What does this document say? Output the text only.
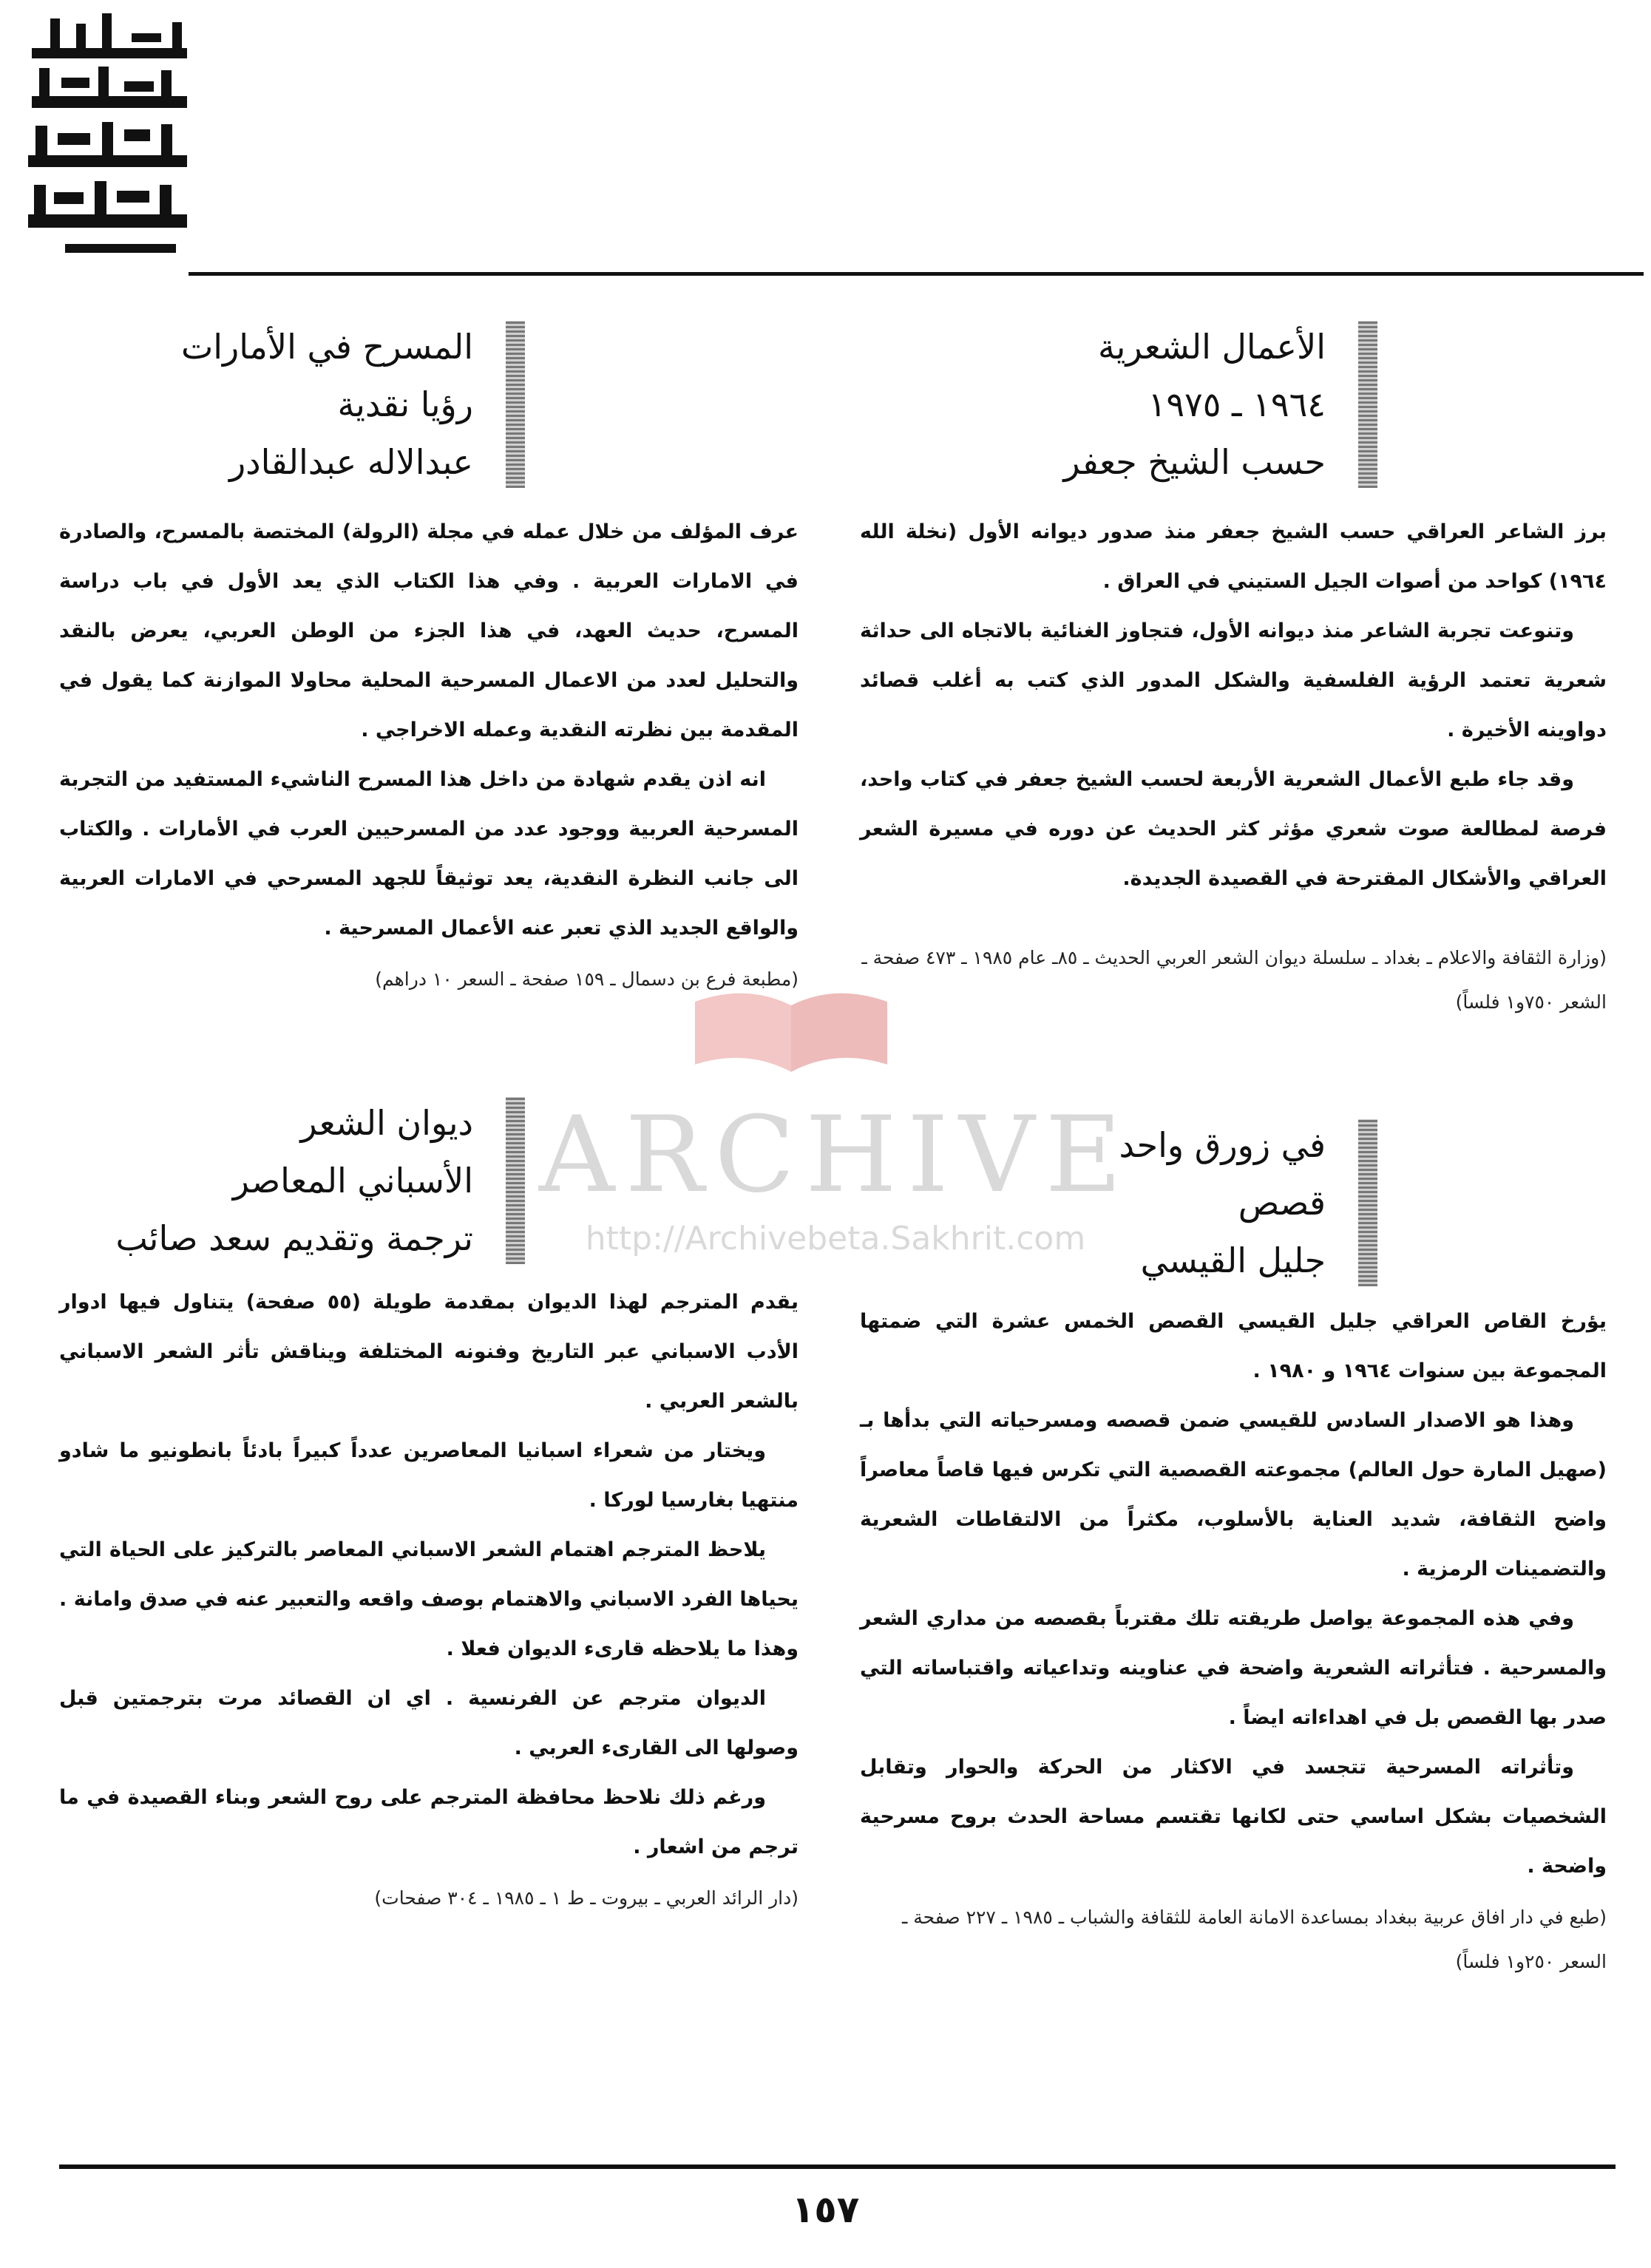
ARCHIVE
http://Archivebeta.Sakhrit.com
الأعمال الشعرية
١٩٦٤ ـ ١٩٧٥
حسب الشيخ جعفر

برز الشاعر العراقي حسب الشيخ جعفر منذ صدور ديوانه الأول (نخلة الله ١٩٦٤) كواحد من أصوات الجيل الستيني في العراق .

وتنوعت تجربة الشاعر منذ ديوانه الأول، فتجاوز الغنائية بالاتجاه الى حداثة شعرية تعتمد الرؤية الفلسفية والشكل المدور الذي كتب به أغلب قصائد دواوينه الأخيرة .

وقد جاء طبع الأعمال الشعرية الأربعة لحسب الشيخ جعفر في كتاب واحد، فرصة لمطالعة صوت شعري مؤثر كثر الحديث عن دوره في مسيرة الشعر العراقي والأشكال المقترحة في القصيدة الجديدة.

(وزارة الثقافة والاعلام ـ بغداد ـ سلسلة ديوان الشعر العربي الحديث ـ ٨٥ـ عام ١٩٨٥ ـ ٤٧٣ صفحة ـ الشعر ٧٥٠و١ فلساً)
المسرح في الأمارات
رؤيا نقدية
عبدالاله عبدالقادر

عرف المؤلف من خلال عمله في مجلة (الرولة) المختصة بالمسرح، والصادرة في الامارات العربية . وفي هذا الكتاب الذي يعد الأول في باب دراسة المسرح، حديث العهد، في هذا الجزء من الوطن العربي، يعرض بالنقد والتحليل لعدد من الاعمال المسرحية المحلية محاولا الموازنة كما يقول في المقدمة بين نظرته النقدية وعمله الاخراجي .

انه اذن يقدم شهادة من داخل هذا المسرح الناشيء المستفيد من التجربة المسرحية العربية ووجود عدد من المسرحيين العرب في الأمارات . والكتاب الى جانب النظرة النقدية، يعد توثيقاً للجهد المسرحي في الامارات العربية والواقع الجديد الذي تعبر عنه الأعمال المسرحية .

(مطبعة فرع بن دسمال ـ ١٥٩ صفحة ـ السعر ١٠ دراهم)
في زورق واحد
قصص
جليل القيسي

يؤرخ القاص العراقي جليل القيسي القصص الخمس عشرة التي ضمتها المجموعة بين سنوات ١٩٦٤ و ١٩٨٠ .

وهذا هو الاصدار السادس للقيسي ضمن قصصه ومسرحياته التي بدأها بـ (صهيل المارة حول العالم) مجموعته القصصية التي تكرس فيها قاصاً معاصراً واضح الثقافة، شديد العناية بالأسلوب، مكثراً من الالتقاطات الشعرية والتضمينات الرمزية .

وفي هذه المجموعة يواصل طريقته تلك مقترباً بقصصه من مداري الشعر والمسرحية . فتأثراته الشعرية واضحة في عناوينه وتداعياته واقتباساته التي صدر بها القصص بل في اهداءاته ايضاً .

وتأثراته المسرحية تتجسد في الاكثار من الحركة والحوار وتقابل الشخصيات بشكل اساسي حتى لكانها تقتسم مساحة الحدث بروح مسرحية واضحة .

(طبع في دار افاق عربية ببغداد بمساعدة الامانة العامة للثقافة والشباب ـ ١٩٨٥ ـ ٢٢٧ صفحة ـ السعر ٢٥٠و١ فلساً)
ديوان الشعر
الأسباني المعاصر
ترجمة وتقديم سعد صائب

يقدم المترجم لهذا الديوان بمقدمة طويلة (٥٥ صفحة) يتناول فيها ادوار الأدب الاسباني عبر التاريخ وفنونه المختلفة ويناقش تأثر الشعر الاسباني بالشعر العربي .

ويختار من شعراء اسبانيا المعاصرين عدداً كبيراً بادئاً بانطونيو ما شادو منتهيا بغارسيا لوركا .

يلاحظ المترجم اهتمام الشعر الاسباني المعاصر بالتركيز على الحياة التي يحياها الفرد الاسباني والاهتمام بوصف واقعه والتعبير عنه في صدق وامانة . وهذا ما يلاحظه قارىء الديوان فعلا .

الديوان مترجم عن الفرنسية . اي ان القصائد مرت بترجمتين قبل وصولها الى القارىء العربي .

ورغم ذلك نلاحظ محافظة المترجم على روح الشعر وبناء القصيدة في ما ترجم من اشعار .

(دار الرائد العربي ـ بيروت ـ ط ١ ـ ١٩٨٥ ـ ٣٠٤ صفحات)
١٥٧
